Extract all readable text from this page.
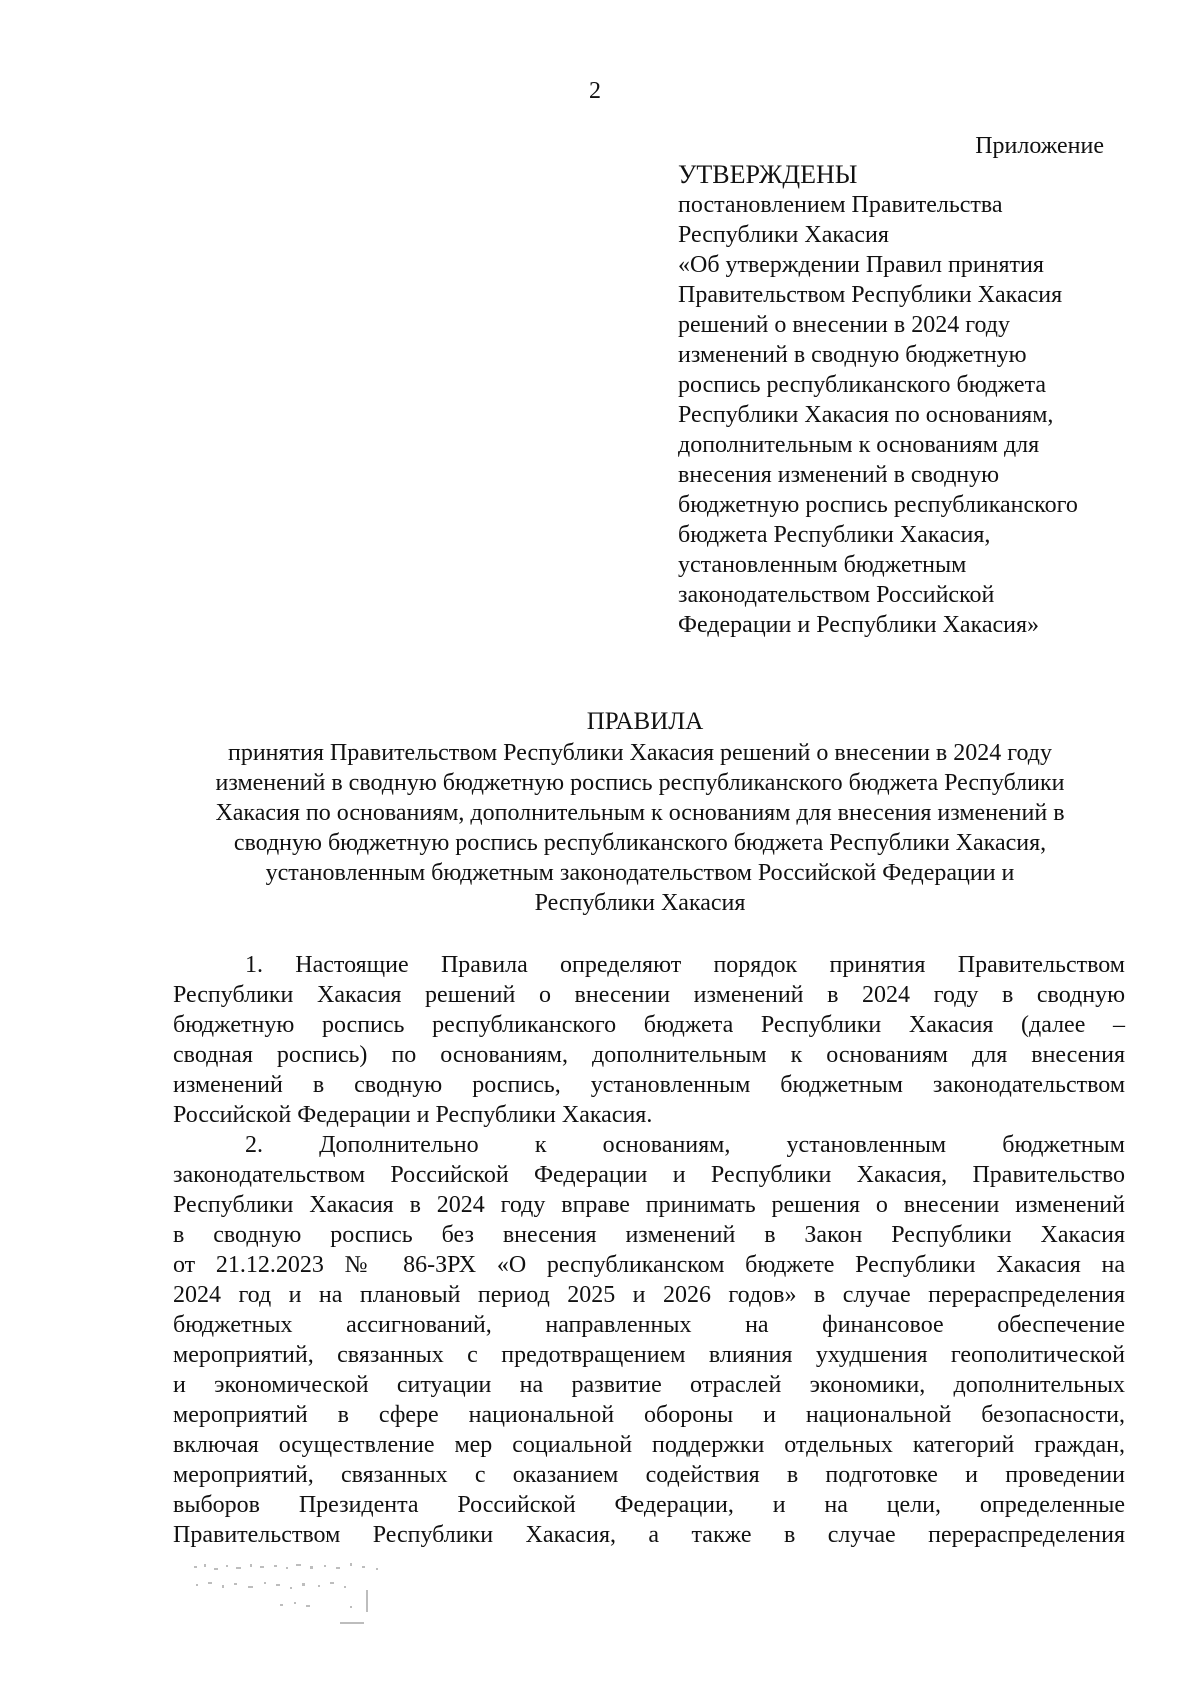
2
Приложение
УТВЕРЖДЕНЫ
постановлением Правительства
Республики Хакасия
«Об утверждении Правил принятия
Правительством Республики Хакасия
решений о внесении в 2024 году
изменений в сводную бюджетную
роспись республиканского бюджета
Республики Хакасия по основаниям,
дополнительным к основаниям для
внесения изменений в сводную
бюджетную роспись республиканского
бюджета Республики Хакасия,
установленным бюджетным
законодательством Российской
Федерации и Республики Хакасия»
ПРАВИЛА
принятия Правительством Республики Хакасия решений о внесении в 2024 году
изменений в сводную бюджетную роспись республиканского бюджета Республики
Хакасия по основаниям, дополнительным к основаниям для внесения изменений в
сводную бюджетную роспись республиканского бюджета Республики Хакасия,
установленным бюджетным законодательством Российской Федерации и
Республики Хакасия
1. Настоящие Правила определяют порядок принятия Правительством
Республики Хакасия решений о внесении изменений в 2024 году в сводную
бюджетную роспись республиканского бюджета Республики Хакасия (далее –
сводная роспись) по основаниям, дополнительным к основаниям для внесения
изменений в сводную роспись, установленным бюджетным законодательством
Российской Федерации и Республики Хакасия.
2. Дополнительно к основаниям, установленным бюджетным
законодательством Российской Федерации и Республики Хакасия, Правительство
Республики Хакасия в 2024 году вправе принимать решения о внесении изменений
в сводную роспись без внесения изменений в Закон Республики Хакасия
от 21.12.2023 № 86-ЗРХ «О республиканском бюджете Республики Хакасия на
2024 год и на плановый период 2025 и 2026 годов» в случае перераспределения
бюджетных ассигнований, направленных на финансовое обеспечение
мероприятий, связанных с предотвращением влияния ухудшения геополитической
и экономической ситуации на развитие отраслей экономики, дополнительных
мероприятий в сфере национальной обороны и национальной безопасности,
включая осуществление мер социальной поддержки отдельных категорий граждан,
мероприятий, связанных с оказанием содействия в подготовке и проведении
выборов Президента Российской Федерации, и на цели, определенные
Правительством Республики Хакасия, а также в случае перераспределения
